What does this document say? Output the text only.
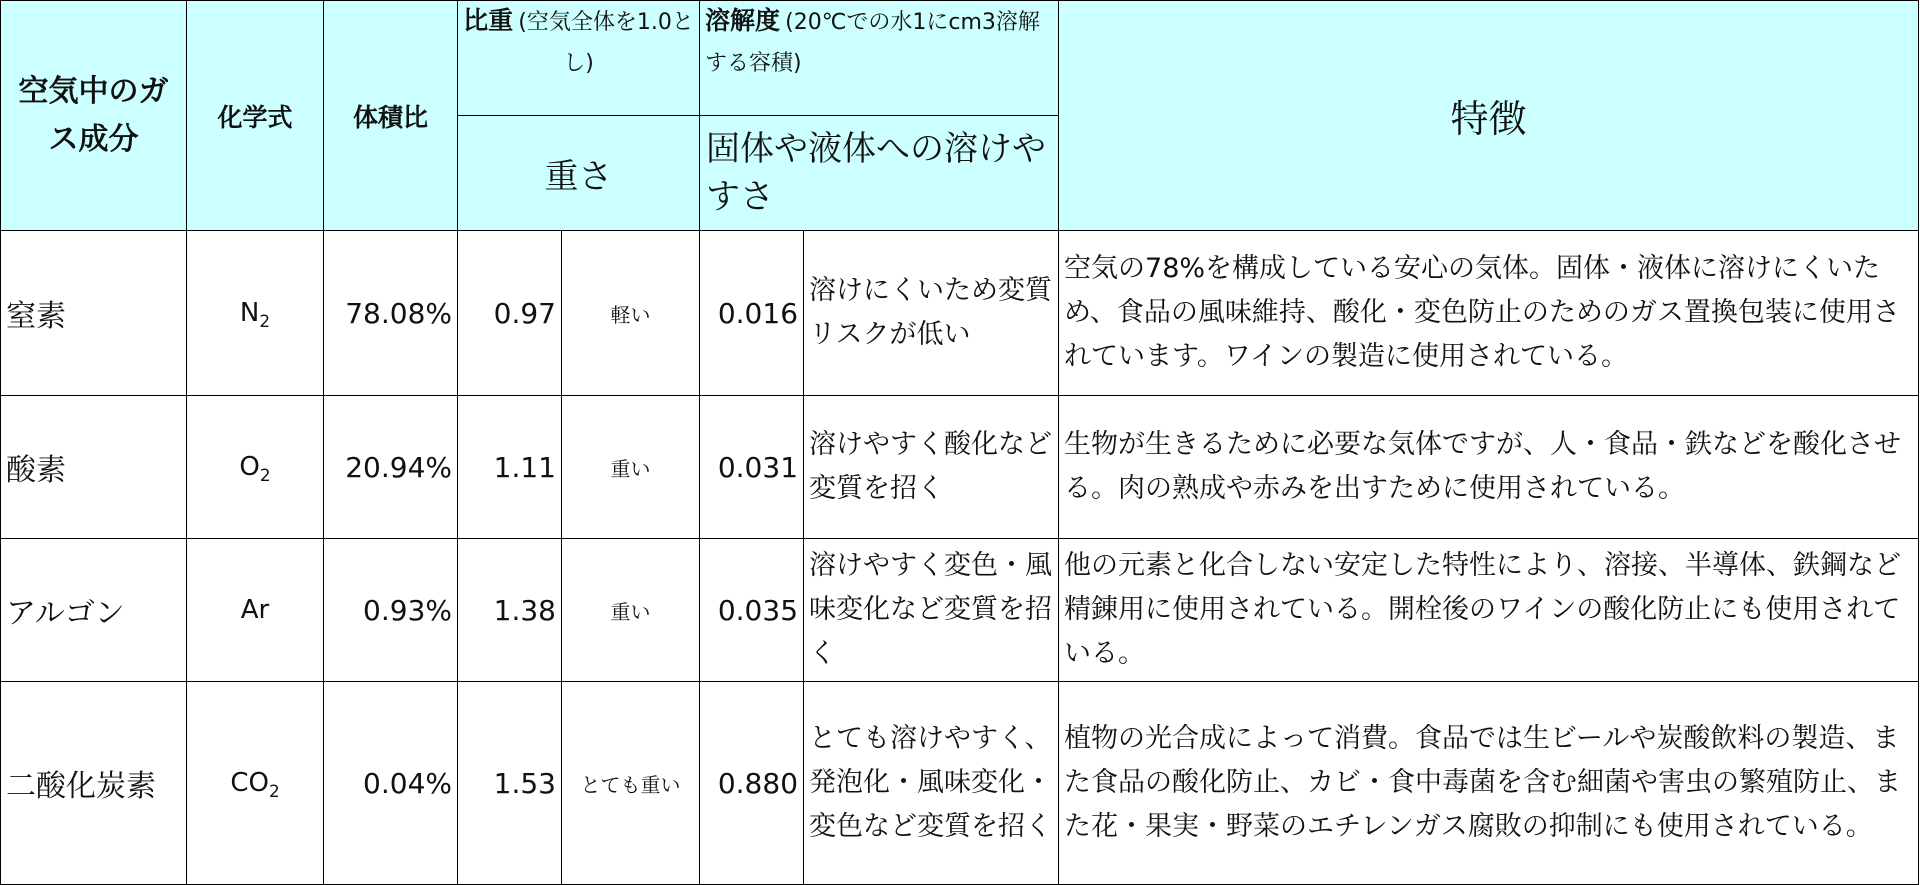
空気中のガス成分	化学式	体積比	比重 (空気全体を1.0とし)		溶解度 (20℃での水1にcm3溶解する容積)		特徴
			重さ		固体や液体への溶けやすさ		
窒素	$N_2$	78.08%	0.97	軽い	0.016	溶けにくいため変質リスクが低い	空気の78%を構成している安心の気体。固体・液体に溶けにくいため、食品の風味維持、酸化・変色防止のためのガス置換包装に使用されています。ワインの製造に使用されている。
酸素	$O_2$	20.94%	1.11	重い	0.031	溶けやすく酸化など変質を招く	生物が生きるために必要な気体ですが、人・食品・鉄などを酸化させる。肉の熟成や赤みを出すために使用されている。
アルゴン	Ar	0.93%	1.38	重い	0.035	溶けやすく変色・風味変化など変質を招く	他の元素と化合しない安定した特性により、溶接、半導体、鉄鋼など精錬用に使用されている。開栓後のワインの酸化防止にも使用されている。
二酸化炭素	$CO_2$	0.04%	1.53	とても重い	0.880	とても溶けやすく、発泡化・風味変化・変色など変質を招く	植物の光合成によって消費。食品では生ビールや炭酸飲料の製造、また食品の酸化防止、カビ・食中毒菌を含む細菌や害虫の繁殖防止、また花・果実・野菜のエチレンガス腐敗の抑制にも使用されている。
